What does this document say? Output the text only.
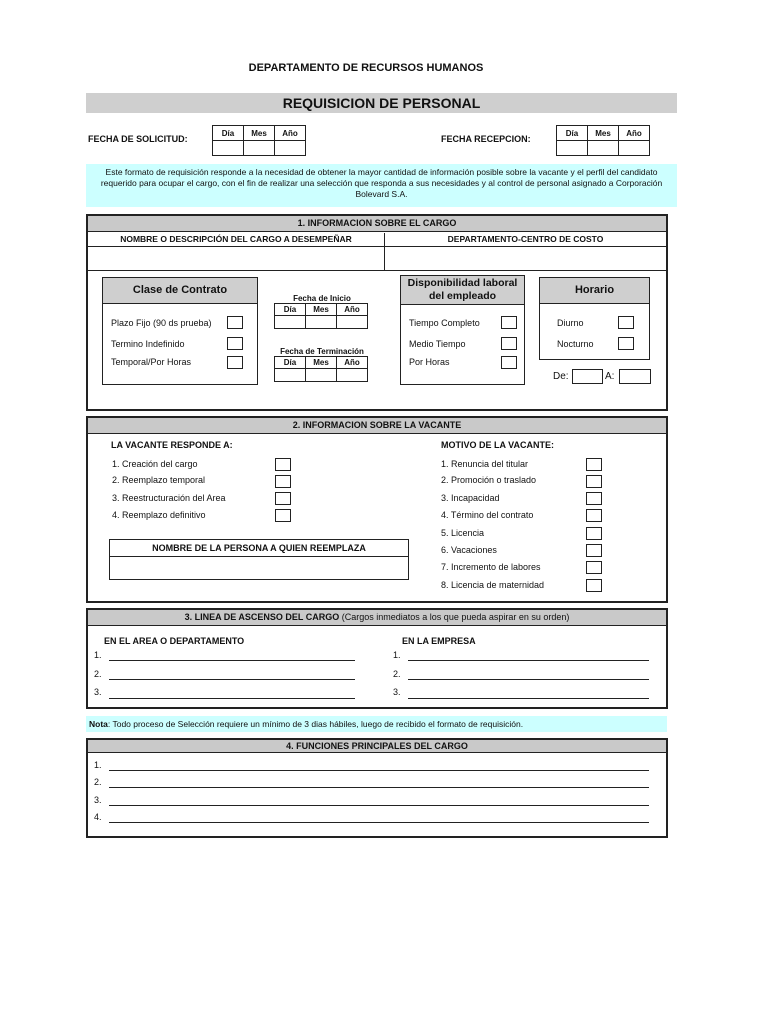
DEPARTAMENTO DE RECURSOS HUMANOS
REQUISICION DE PERSONAL
FECHA DE SOLICITUD:
Día	Mes	Año

FECHA RECEPCION:
Día	Mes	Año

Este formato de requisición responde a la necesidad de obtener la mayor cantidad de información posible sobre la vacante y el perfil del candidato requerido para ocupar el cargo, con el fin de realizar una selección que responda a sus necesidades y al control de personal asignado a Corporación Bolevard S.A.
1. INFORMACION SOBRE EL CARGO
NOMBRE O DESCRIPCIÓN DEL CARGO A DESEMPEÑAR	DEPARTAMENTO-CENTRO DE COSTO
Clase de Contrato
Plazo Fijo (90 ds prueba)
Termino Indefinido
Temporal/Por Horas
Fecha de Inicio
Día	Mes	Año

Fecha de Terminación
Día	Mes	Año

Disponibilidad laboral del empleado
Tiempo Completo
Medio Tiempo
Por Horas
Horario
Diurno
Nocturno
De:	A:
2. INFORMACION SOBRE LA VACANTE
LA VACANTE RESPONDE A:
1. Creación del cargo
2. Reemplazo temporal
3. Reestructuración del Area
4. Reemplazo definitivo
NOMBRE DE LA PERSONA A QUIEN REEMPLAZA
MOTIVO DE LA VACANTE:
1. Renuncia del titular
2. Promoción o traslado
3. Incapacidad
4. Término del contrato
5. Licencia
6. Vacaciones
7. Incremento de labores
8. Licencia de maternidad
3. LINEA DE ASCENSO DEL CARGO (Cargos inmediatos a los que pueda aspirar en su orden)
EN EL AREA O DEPARTAMENTO	EN LA EMPRESA
1.
2.
3.
1.
2.
3.
Nota: Todo proceso de Selección requiere un mínimo de 3 dias hábiles, luego de recibido el formato de requisición.
4. FUNCIONES PRINCIPALES DEL CARGO
1.
2.
3.
4.
